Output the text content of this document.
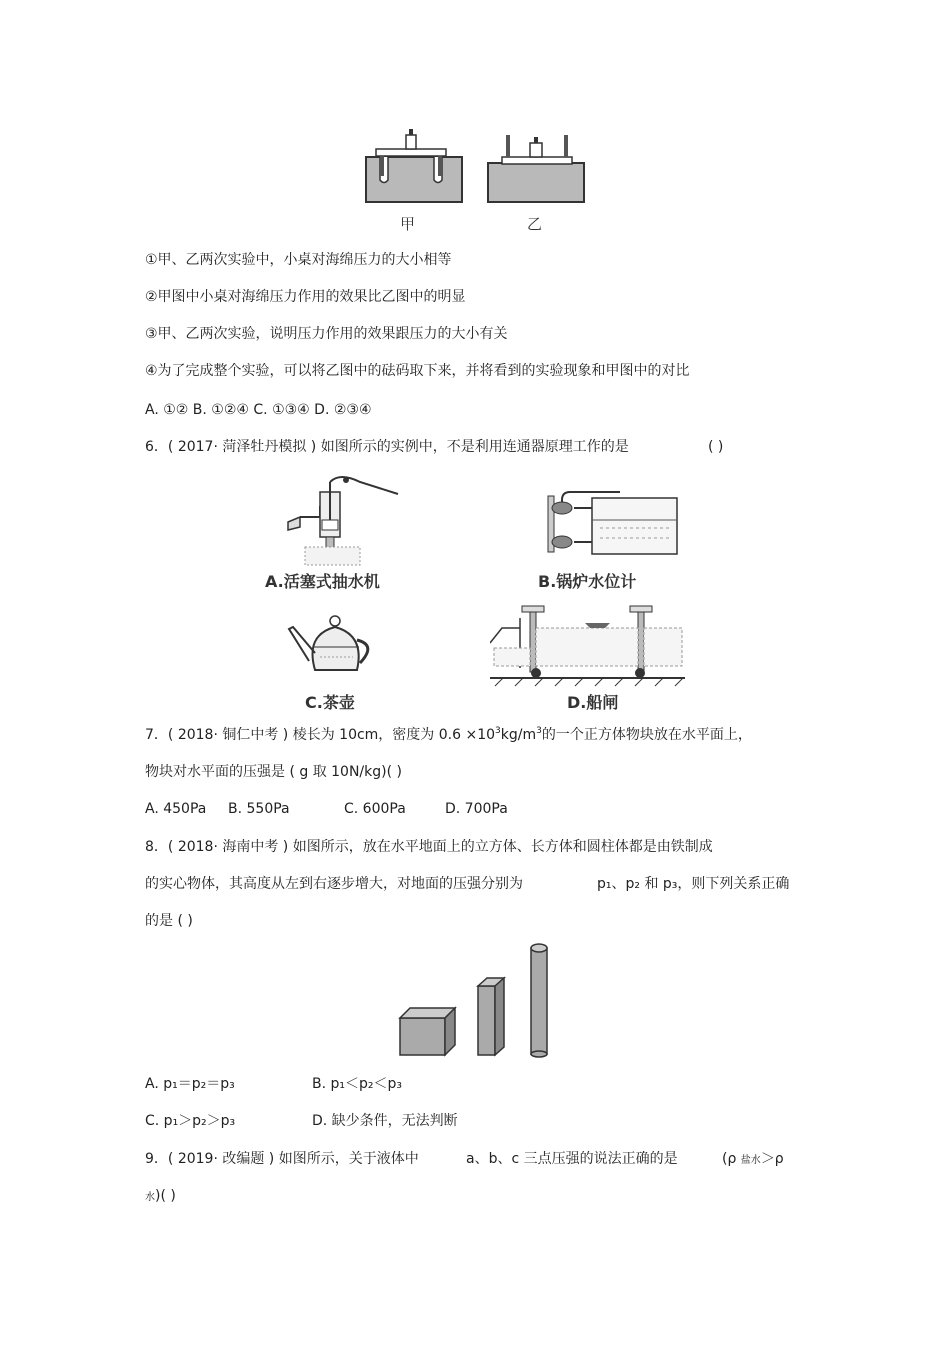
甲	乙
①甲、乙两次实验中，小桌对海绵压力的大小相等
②甲图中小桌对海绵压力作用的效果比乙图中的明显
③甲、乙两次实验，说明压力作用的效果跟压力的大小有关
④为了完成整个实验，可以将乙图中的砝码取下来，并将看到的实验现象和甲图中的对比
A. ①② B. ①②④ C. ①③④ D. ②③④
6．( 2017· 菏泽牡丹模拟 ) 如图所示的实例中，不是利用连通器原理工作的是	( )
A.活塞式抽水机	B.锅炉水位计
C.茶壶	D.船闸
7．( 2018· 铜仁中考 ) 棱长为 10cm，密度为 $0.6 \times 10^3kg/m^3$的一个正方体物块放在水平面上，
物块对水平面的压强是 ( g 取 10N/kg)( )
A. 450Pa B. 550Pa	C. 600Pa	D. 700Pa
8．( 2018· 海南中考 ) 如图所示，放在水平地面上的立方体、长方体和圆柱体都是由铁制成
的实心物体，其高度从左到右逐步增大，对地面的压强分别为	p₁、p₂ 和 p₃，则下列关系正确
的是 ( )
A. p₁＝p₂＝p₃	B. p₁＜p₂＜p₃
C. p₁＞p₂＞p₃	D. 缺少条件，无法判断
9．( 2019· 改编题 ) 如图所示，关于液体中	a、b、c 三点压强的说法正确的是	(ρ 盐水＞ρ
水)( )
